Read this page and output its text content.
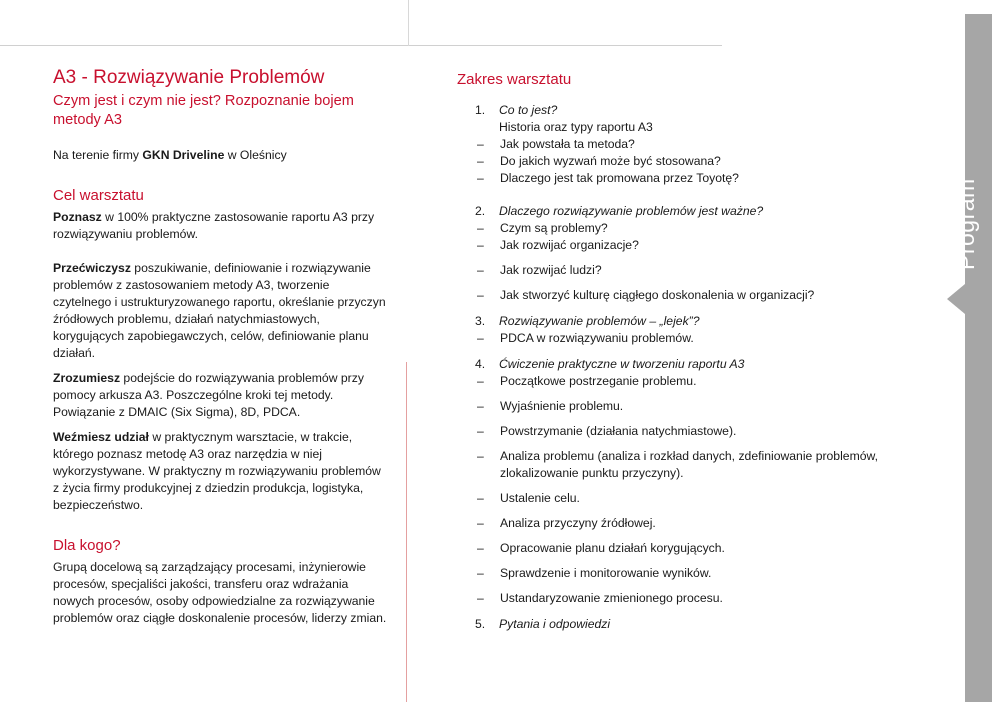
Program
A3 - Rozwiązywanie Problemów

Czym jest i czym nie jest? Rozpoznanie bojem metody A3

Na terenie firmy GKN Driveline w Oleśnicy

Cel warsztatu

Poznasz w 100% praktyczne zastosowanie raportu A3 przy rozwiązywaniu problemów.

Przećwiczysz poszukiwanie, definiowanie i rozwiązywanie problemów z zastosowaniem metody A3, tworzenie czytelnego i ustrukturyzowanego raportu, określanie przyczyn źródłowych problemu, działań natychmiastowych, korygujących zapobiegawczych, celów, definiowanie planu działań.

Zrozumiesz podejście do rozwiązywania problemów przy pomocy arkusza A3. Poszczególne kroki tej metody. Powiązanie z DMAIC (Six Sigma), 8D, PDCA.

Weźmiesz udział w praktycznym warsztacie, w trakcie, którego poznasz metodę A3 oraz narzędzia w niej wykorzystywane. W praktyczny m rozwiązywaniu problemów z życia firmy produkcyjnej z dziedzin produkcja, logistyka, bezpieczeństwo.

Dla kogo?

Grupą docelową są zarządzający procesami, inżynierowie procesów, specjaliści jakości, transferu oraz wdrażania nowych procesów, osoby odpowiedzialne za rozwiązywanie problemów oraz ciągłe doskonalenie procesów, liderzy zmian.

Zakres warsztatu
1. Co to jest?
Historia oraz typy raportu A3
– Jak powstała ta metoda?
– Do jakich wyzwań może być stosowana?
– Dlaczego jest tak promowana przez Toyotę?
2. Dlaczego rozwiązywanie problemów jest ważne?
– Czym są problemy?
– Jak rozwijać organizacje?
– Jak rozwijać ludzi?
– Jak stworzyć kulturę ciągłego doskonalenia w organizacji?
3. Rozwiązywanie problemów – „lejek”?
– PDCA w rozwiązywaniu problemów.
4. Ćwiczenie praktyczne w tworzeniu raportu A3
– Początkowe postrzeganie problemu.
– Wyjaśnienie problemu.
– Powstrzymanie (działania natychmiastowe).
– Analiza problemu (analiza i rozkład danych, zdefiniowanie problemów, zlokalizowanie punktu przyczyny).
– Ustalenie celu.
– Analiza przyczyny źródłowej.
– Opracowanie planu działań korygujących.
– Sprawdzenie i monitorowanie wyników.
– Ustandaryzowanie zmienionego procesu.
5. Pytania i odpowiedzi
